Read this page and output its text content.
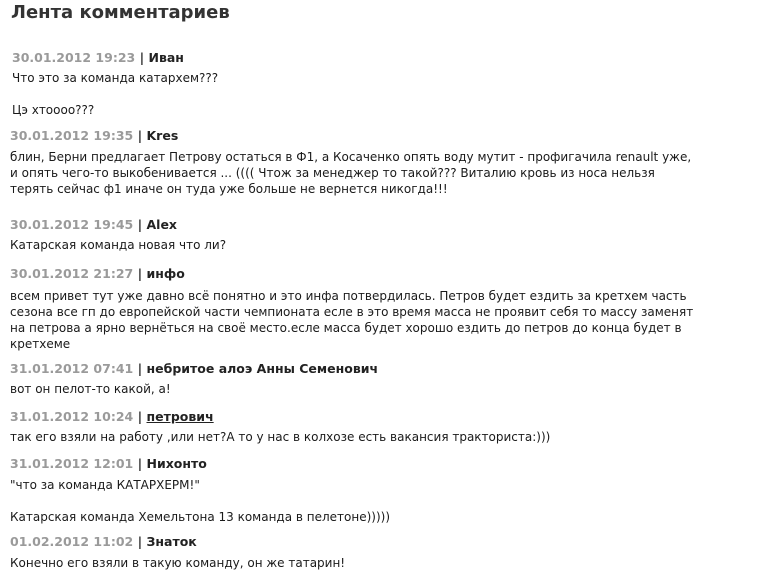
Лента комментариев
30.01.2012 19:23 | Иван

Что это за команда катархем???

Цэ хтоооо???

30.01.2012 19:35 | Kres

блин, Берни предлагает Петрову остаться в Ф1, а Косаченко опять воду мутит - профигачила renault уже,

и опять чего-то выкобенивается ... (((( Чтож за менеджер то такой??? Виталию кровь из носа нельзя

терять сейчас ф1 иначе он туда уже больше не вернется никогда!!!

30.01.2012 19:45 | Alex

Катарская команда новая что ли?

30.01.2012 21:27 | инфо

всем привет тут уже давно всё понятно и это инфа потвердилась. Петров будет ездить за кретхем часть

сезона все гп до европейской части чемпионата есле в это время масса не проявит себя то массу заменят

на петрова а ярно вернёться на своё место.есле масса будет хорошо ездить до петров до конца будет в

кретхеме

31.01.2012 07:41 | небритое алоэ Анны Семенович

вот он пелот-то какой, а!

31.01.2012 10:24 | петрович

так его взяли на работу ,или нет?А то у нас в колхозе есть вакансия тракториста:)))

31.01.2012 12:01 | Нихонто

"что за команда КАТАРХЕРМ!"

Катарская команда Хемельтона 13 команда в пелетоне)))))

01.02.2012 11:02 | Знаток

Конечно его взяли в такую команду, он же татарин!
